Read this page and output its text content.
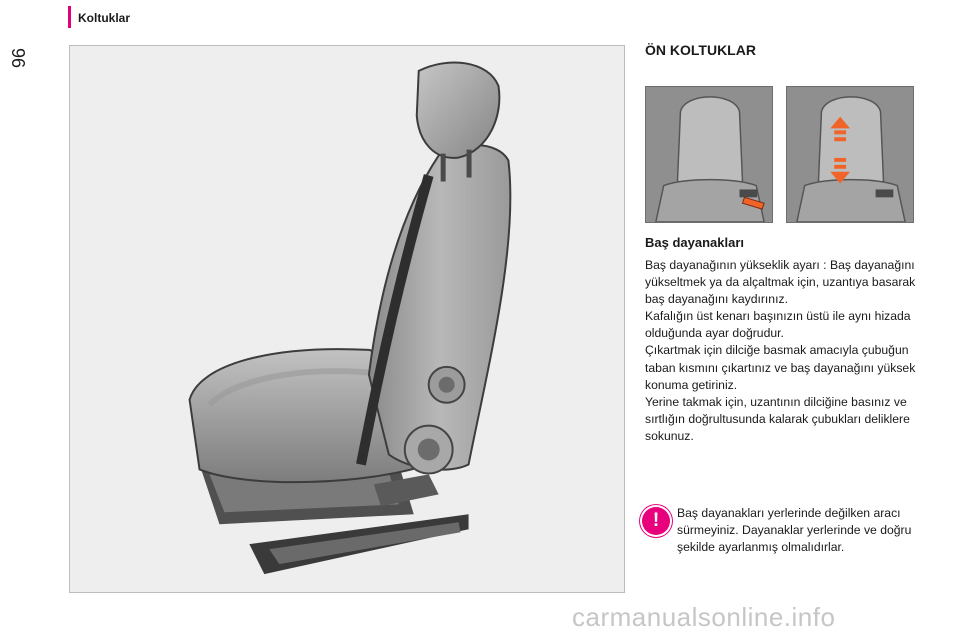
Koltuklar
96	ÖN KOLTUKLAR
Baş dayanakları

Baş dayanağının yükseklik ayarı : Baş dayanağını yükseltmek ya da alçaltmak için, uzantıya basarak baş dayanağını kaydırınız.

Kafalığın üst kenarı başınızın üstü ile aynı hizada olduğunda ayar doğrudur.

Çıkartmak için dilciğe basmak amacıyla çubuğun taban kısmını çıkartınız ve baş dayanağını yüksek konuma getiriniz.

Yerine takmak için, uzantının dilciğine basınız ve sırtlığın doğrultusunda kalarak çubukları deliklere sokunuz.

!	Baş dayanakları yerlerinde değilken aracı sürmeyiniz. Dayanaklar yerlerinde ve doğru şekilde ayarlanmış olmalıdırlar.
carmanualsonline.info
